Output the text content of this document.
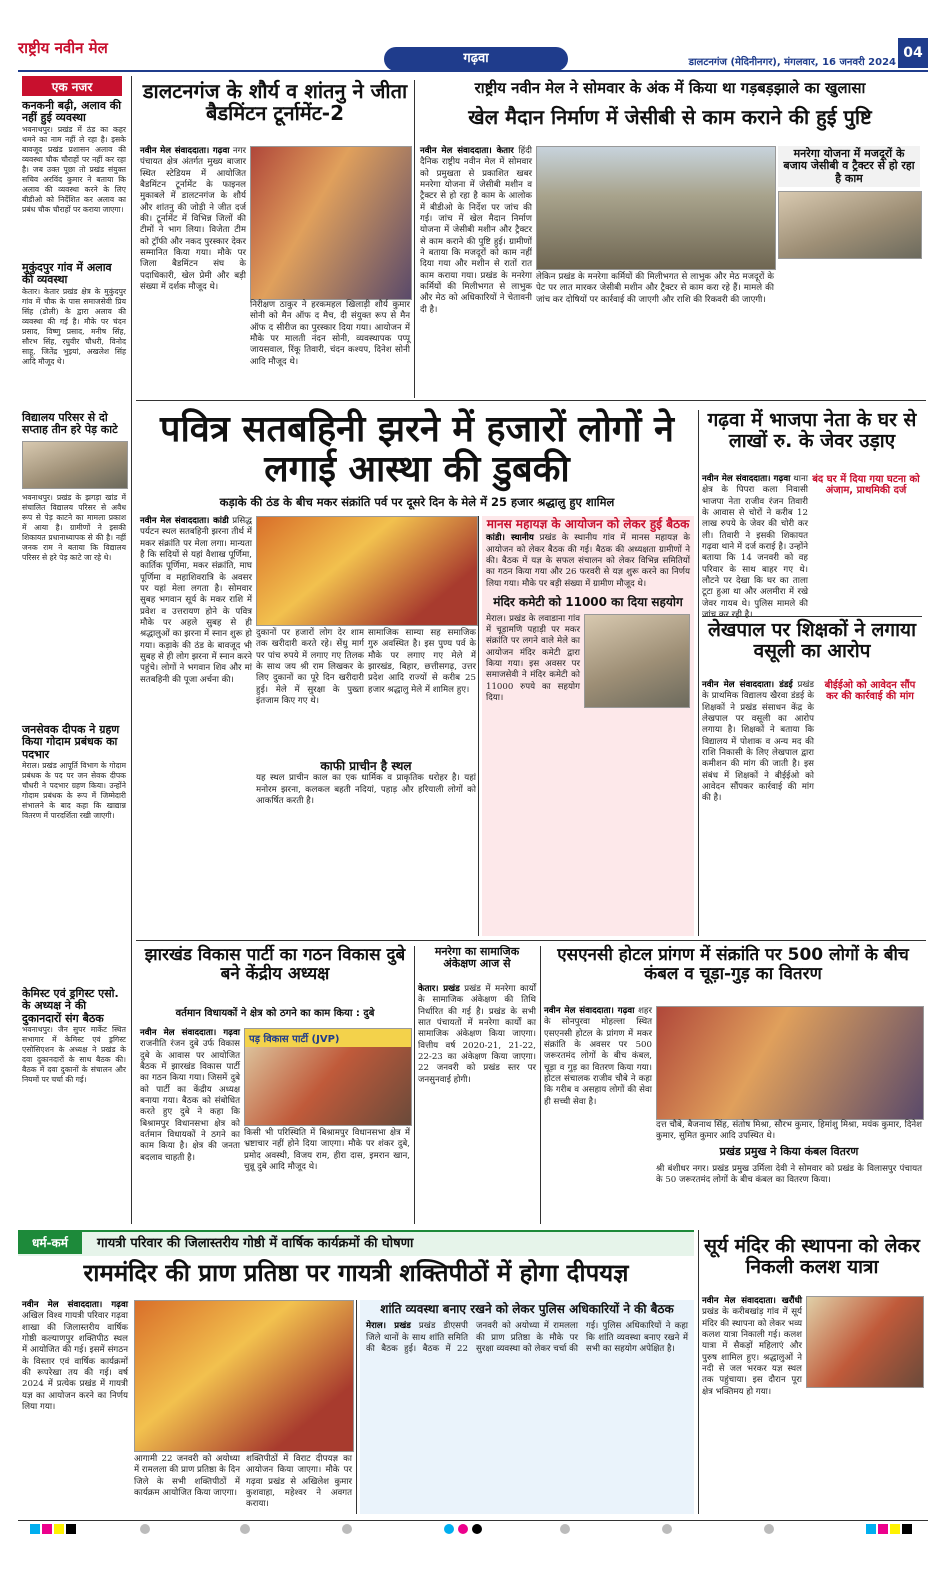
राष्ट्रीय नवीन मेल
गढ़वा	डालटनगंज (मेदिनीनगर), मंगलवार, 16 जनवरी 2024
04
एक नजर
कनकनी बढ़ी, अलाव की नहीं हुई व्यवस्था
भवनाथपुर। प्रखंड में ठंड का कहर थमने का नाम नहीं ले रहा है। इसके बावजूद प्रखंड प्रशासन अलाव की व्यवस्था चौक चौराहों पर नहीं कर रहा है। जब उक्त पूछा तो प्रखंड संयुक्त सचिव अरविंद कुमार ने बताया कि अलाव की व्यवस्था करने के लिए बीडीओ को निर्देशित कर अलाव का प्रबंध चौक चौराहों पर कराया जाएगा।
मुकुंदपुर गांव में अलाव की व्यवस्था
केतार। केतार प्रखंड क्षेत्र के मुकुंदपुर गांव में चौक के पास समाजसेवी प्रिय सिंह (डोली) के द्वारा अलाव की व्यवस्था की गई है। मौके पर चंदन प्रसाद, विष्णु प्रसाद, मनीष सिंह, सौरभ सिंह, रघुवीर चौधरी, विनोद साहू, जितेंद्र भुइयां, अखलेश सिंह आदि मौजूद थे।
विद्यालय परिसर से दो सप्ताह तीन हरे पेड़ काटे
भवनाथपुर। प्रखंड के झगड़ा खांड में संचालित विद्यालय परिसर से अवैध रूप से पेड़ काटने का मामला प्रकाश में आया है। ग्रामीणों ने इसकी शिकायत प्रधानाध्यापक से की है। नहीं जनक राम ने बताया कि विद्यालय परिसर से हरे पेड़ काटे जा रहे थे।
जनसेवक दीपक ने ग्रहण किया गोदाम प्रबंधक का पदभार
मेराल। प्रखंड आपूर्ति विभाग के गोदाम प्रबंधक के पद पर जन सेवक दीपक चौधरी ने पदभार ग्रहण किया। उन्होंने गोदाम प्रबंधक के रूप में जिम्मेदारी संभालने के बाद कहा कि खाद्यान्न वितरण में पारदर्शिता रखी जाएगी।
केमिस्ट एवं ड्रगिस्ट एसो. के अध्यक्ष ने की दुकानदारों संग बैठक
भवनाथपुर। जैन सुपर मार्केट स्थित सभागार में केमिस्ट एवं ड्रगिस्ट एसोसिएशन के अध्यक्ष ने प्रखंड के दवा दुकानदारों के साथ बैठक की। बैठक में दवा दुकानों के संचालन और नियमों पर चर्चा की गई।
डालटनगंज के शौर्य व शांतनु ने जीता बैडमिंटन टूर्नामेंट-2
नवीन मेल संवाददाता। गढ़वा नगर पंचायत क्षेत्र अंतर्गत मुख्य बाजार स्थित स्टेडियम में आयोजित बैडमिंटन टूर्नामेंट के फाइनल मुकाबले में डालटनगंज के शौर्य और शांतनु की जोड़ी ने जीत दर्ज की। टूर्नामेंट में विभिन्न जिलों की टीमों ने भाग लिया। विजेता टीम को ट्रॉफी और नकद पुरस्कार देकर सम्मानित किया गया। मौके पर जिला बैडमिंटन संघ के पदाधिकारी, खेल प्रेमी और बड़ी संख्या में दर्शक मौजूद थे।
निरीक्षण ठाकुर ने हरकमहल खिलाड़ी शौर्य कुमार सोनी को मैन ऑफ द मैच, दी संयुक्त रूप से मैन ऑफ द सीरीज का पुरस्कार दिया गया। आयोजन में मौके पर मालती नंदन सोनी, व्यवस्थापक पप्पू जायसवाल, रिंकू तिवारी, चंदन कश्यप, दिनेश सोनी आदि मौजूद थे।
राष्ट्रीय नवीन मेल ने सोमवार के अंक में किया था गड़बड़झाले का खुलासा
खेल मैदान निर्माण में जेसीबी से काम कराने की हुई पुष्टि
नवीन मेल संवाददाता। केतार हिंदी दैनिक राष्ट्रीय नवीन मेल में सोमवार को प्रमुखता से प्रकाशित खबर मनरेगा योजना में जेसीबी मशीन व ट्रैक्टर से हो रहा है काम के आलोक में बीडीओ के निर्देश पर जांच की गई। जांच में खेल मैदान निर्माण योजना में जेसीबी मशीन और ट्रैक्टर से काम कराने की पुष्टि हुई। ग्रामीणों ने बताया कि मजदूरों को काम नहीं दिया गया और मशीन से रातों रात काम कराया गया। प्रखंड के मनरेगा कर्मियों की मिलीभगत से लाभुक और मेठ को अधिकारियों ने चेतावनी दी है।
लेकिन प्रखंड के मनरेगा कर्मियों की मिलीभगत से लाभुक और मेठ मजदूरों के पेट पर लात मारकर जेसीबी मशीन और ट्रैक्टर से काम करा रहे हैं। मामले की जांच कर दोषियों पर कार्रवाई की जाएगी और राशि की रिकवरी की जाएगी।
मनरेगा योजना में मजदूरों के बजाय जेसीबी व ट्रैक्टर से हो रहा है काम
पवित्र सतबहिनी झरने में हजारों लोगों ने लगाई आस्था की डुबकी
कड़ाके की ठंड के बीच मकर संक्रांति पर्व पर दूसरे दिन के मेले में 25 हजार श्रद्धालु हुए शामिल
नवीन मेल संवाददाता। कांडी प्रसिद्ध पर्यटन स्थल सतबहिनी झरना तीर्थ में मकर संक्रांति पर मेला लगा। मान्यता है कि सदियों से यहां वैशाख पूर्णिमा, कार्तिक पूर्णिमा, मकर संक्रांति, माघ पूर्णिमा व महाशिवरात्रि के अवसर पर यहां मेला लगता है। सोमवार सुबह भगवान सूर्य के मकर राशि में प्रवेश व उत्तरायण होने के पवित्र मौके पर अहले सुबह से ही श्रद्धालुओं का झरना में स्नान शुरू हो गया। कड़ाके की ठंड के बावजूद भी सुबह से ही लोग झरना में स्नान करने पहुंचे। लोगों ने भगवान शिव और मां सतबहिनी की पूजा अर्चना की।
दुकानों पर हजारों लोग देर शाम तक खरीदारी करते रहे। सेंधु मार्ग पर पांच रुपये में लगाए गए तिलक के साथ जय श्री राम लिखकर के लिए दुकानों का पूरे दिन खरीदारी हुई। मेले में सुरक्षा के पुख्ता इंतजाम किए गए थे।
सामाजिक साम्या सह समाजिक गुरु अवस्थित है। इस पुण्य पर्व के मौके पर लगाए गए मेले में झारखंड, बिहार, छत्तीसगढ़, उत्तर प्रदेश आदि राज्यों से करीब 25 हजार श्रद्धालु मेले में शामिल हुए।
काफी प्राचीन है स्थल
यह स्थल प्राचीन काल का एक धार्मिक व प्राकृतिक धरोहर है। यहां मनोरम झरना, कलकल बहती नदियां, पहाड़ और हरियाली लोगों को आकर्षित करती है।
मानस महायज्ञ के आयोजन को लेकर हुई बैठक
कांडी। स्थानीय प्रखंड के स्थानीय गांव में मानस महायज्ञ के आयोजन को लेकर बैठक की गई। बैठक की अध्यक्षता ग्रामीणों ने की। बैठक में यज्ञ के सफल संचालन को लेकर विभिन्न समितियों का गठन किया गया और 26 फरवरी से यज्ञ शुरू करने का निर्णय लिया गया। मौके पर बड़ी संख्या में ग्रामीण मौजूद थे।
मंदिर कमेटी को 11000 का दिया सहयोग
मेराल। प्रखंड के लवाडाना गांव में चूड़ामणि पहाड़ी पर मकर संक्रांति पर लगने वाले मेले का आयोजन मंदिर कमेटी द्वारा किया गया। इस अवसर पर समाजसेवी ने मंदिर कमेटी को 11000 रुपये का सहयोग दिया।
गढ़वा में भाजपा नेता के घर से लाखों रु. के जेवर उड़ाए
नवीन मेल संवाददाता। गढ़वा थाना क्षेत्र के पिपरा कला निवासी भाजपा नेता राजीव रंजन तिवारी के आवास से चोरों ने करीब 12 लाख रुपये के जेवर की चोरी कर ली। तिवारी ने इसकी शिकायत गढ़वा थाने में दर्ज कराई है। उन्होंने बताया कि 14 जनवरी को वह परिवार के साथ बाहर गए थे। लौटने पर देखा कि घर का ताला टूटा हुआ था और अलमीरा में रखे जेवर गायब थे। पुलिस मामले की
बंद घर में दिया गया घटना को अंजाम, प्राथमिकी दर्ज
लेखपाल पर शिक्षकों ने लगाया वसूली का आरोप
नवीन मेल संवाददाता। डंडई प्रखंड के प्राथमिक विद्यालय खैरवा डंडई के शिक्षकों ने प्रखंड संसाधन केंद्र के लेखपाल पर वसूली का आरोप लगाया है। शिक्षकों ने बताया कि विद्यालय में पोशाक व अन्य मद की राशि निकासी के लिए लेखपाल द्वारा कमीशन की मांग की जाती है। इस संबंध में शिक्षकों ने बीईईओ को आवेदन सौंपकर कार्रवाई की मांग की है।
बीईईओ को आवेदन सौंप कर की कार्रवाई की मांग
झारखंड विकास पार्टी का गठन विकास दुबे बने केंद्रीय अध्यक्ष
वर्तमान विधायकों ने क्षेत्र को ठगने का काम किया : दुबे
नवीन मेल संवाददाता। गढ़वा राजनीति रंजन दुबे उर्फ विकास दुबे के आवास पर आयोजित बैठक में झारखंड विकास पार्टी का गठन किया गया। जिसमें दुबे को पार्टी का केंद्रीय अध्यक्ष बनाया गया। बैठक को संबोधित करते हुए दुबे ने कहा कि बिश्रामपुर विधानसभा क्षेत्र को वर्तमान विधायकों ने ठगने का काम किया है। क्षेत्र की जनता बदलाव चाहती है।
पड़ विकास पार्टी (JVP)
किसी भी परिस्थिति में बिश्रामपुर विधानसभा क्षेत्र में भ्रष्टाचार नहीं होने दिया जाएगा। मौके पर शंकर दुबे, प्रमोद अवस्थी, विजय राम, हीरा दास, इमरान खान, चुन्नू दुबे आदि मौजूद थे।
मनरेगा का सामाजिक अंकेक्षण आज से
केतार। प्रखंड प्रखंड में मनरेगा कार्यों के सामाजिक अंकेक्षण की तिथि निर्धारित की गई है। प्रखंड के सभी सात पंचायतों में मनरेगा कार्यों का सामाजिक अंकेक्षण किया जाएगा। वित्तीय वर्ष 2020-21, 21-22, 22-23 का अंकेक्षण किया जाएगा। 22 जनवरी को प्रखंड स्तर पर जनसुनवाई होगी।
एसएनसी होटल प्रांगण में संक्रांति पर 500 लोगों के बीच कंबल व चूड़ा-गुड़ का वितरण
नवीन मेल संवाददाता। गढ़वा शहर के सोनपुरवा मोहल्ला स्थित एसएनसी होटल के प्रांगण में मकर संक्रांति के अवसर पर 500 जरूरतमंद लोगों के बीच कंबल, चूड़ा व गुड़ का वितरण किया गया। होटल संचालक राजीव चौबे ने कहा कि गरीब व असहाय लोगों की सेवा ही सच्ची सेवा है।
दत्त चौबे, बैजनाथ सिंह, संतोष मिश्रा, सौरभ कुमार, हिमांशु मिश्रा, मयंक कुमार, दिनेश कुमार, सुमित कुमार आदि उपस्थित थे।
प्रखंड प्रमुख ने किया कंबल वितरण
श्री बंशीधर नगर। प्रखंड प्रमुख उर्मिला देवी ने सोमवार को प्रखंड के विलासपुर पंचायत के 50 जरूरतमंद लोगों के बीच कंबल का वितरण किया।
धर्म-कर्म गायत्री परिवार की जिलास्तरीय गोष्ठी में वार्षिक कार्यक्रमों की घोषणा
राममंदिर की प्राण प्रतिष्ठा पर गायत्री शक्तिपीठों में होगा दीपयज्ञ
नवीन मेल संवाददाता। गढ़वा अखिल विश्व गायत्री परिवार गढ़वा शाखा की जिलास्तरीय वार्षिक गोष्ठी कल्याणपुर शक्तिपीठ स्थल में आयोजित की गई। इसमें संगठन के विस्तार एवं वार्षिक कार्यक्रमों की रूपरेखा तय की गई। वर्ष 2024 में प्रत्येक प्रखंड में गायत्री यज्ञ का आयोजन करने का निर्णय लिया गया।
आगामी 22 जनवरी को अयोध्या में रामलला की प्राण प्रतिष्ठा के दिन जिले के सभी शक्तिपीठों में कार्यक्रम आयोजित किया जाएगा।
शक्तिपीठों में विराट दीपयज्ञ का आयोजन किया जाएगा। मौके पर गढ़वा प्रखंड से अखिलेश कुमार कुशवाहा, महेश्वर ने अवगत कराया।
शांति व्यवस्था बनाए रखने को लेकर पुलिस अधिकारियों ने की बैठक
मेराल। प्रखंड प्रखंड डीएसपी जिले थानों के साथ शांति समिति की बैठक हुई। बैठक में 22 जनवरी को अयोध्या में रामलला की प्राण प्रतिष्ठा के मौके पर सुरक्षा व्यवस्था को लेकर चर्चा की गई। पुलिस अधिकारियों ने कहा कि शांति व्यवस्था बनाए रखने में सभी का सहयोग अपेक्षित है।
सूर्य मंदिर की स्थापना को लेकर निकली कलश यात्रा
नवीन मेल संवाददाता। खरौंधी प्रखंड के करीबखांड़ गांव में सूर्य मंदिर की स्थापना को लेकर भव्य कलश यात्रा निकाली गई। कलश यात्रा में सैकड़ों महिलाएं और पुरुष शामिल हुए। श्रद्धालुओं ने नदी से जल भरकर यज्ञ स्थल तक पहुंचाया। इस दौरान पूरा क्षेत्र भक्तिमय हो गया।
